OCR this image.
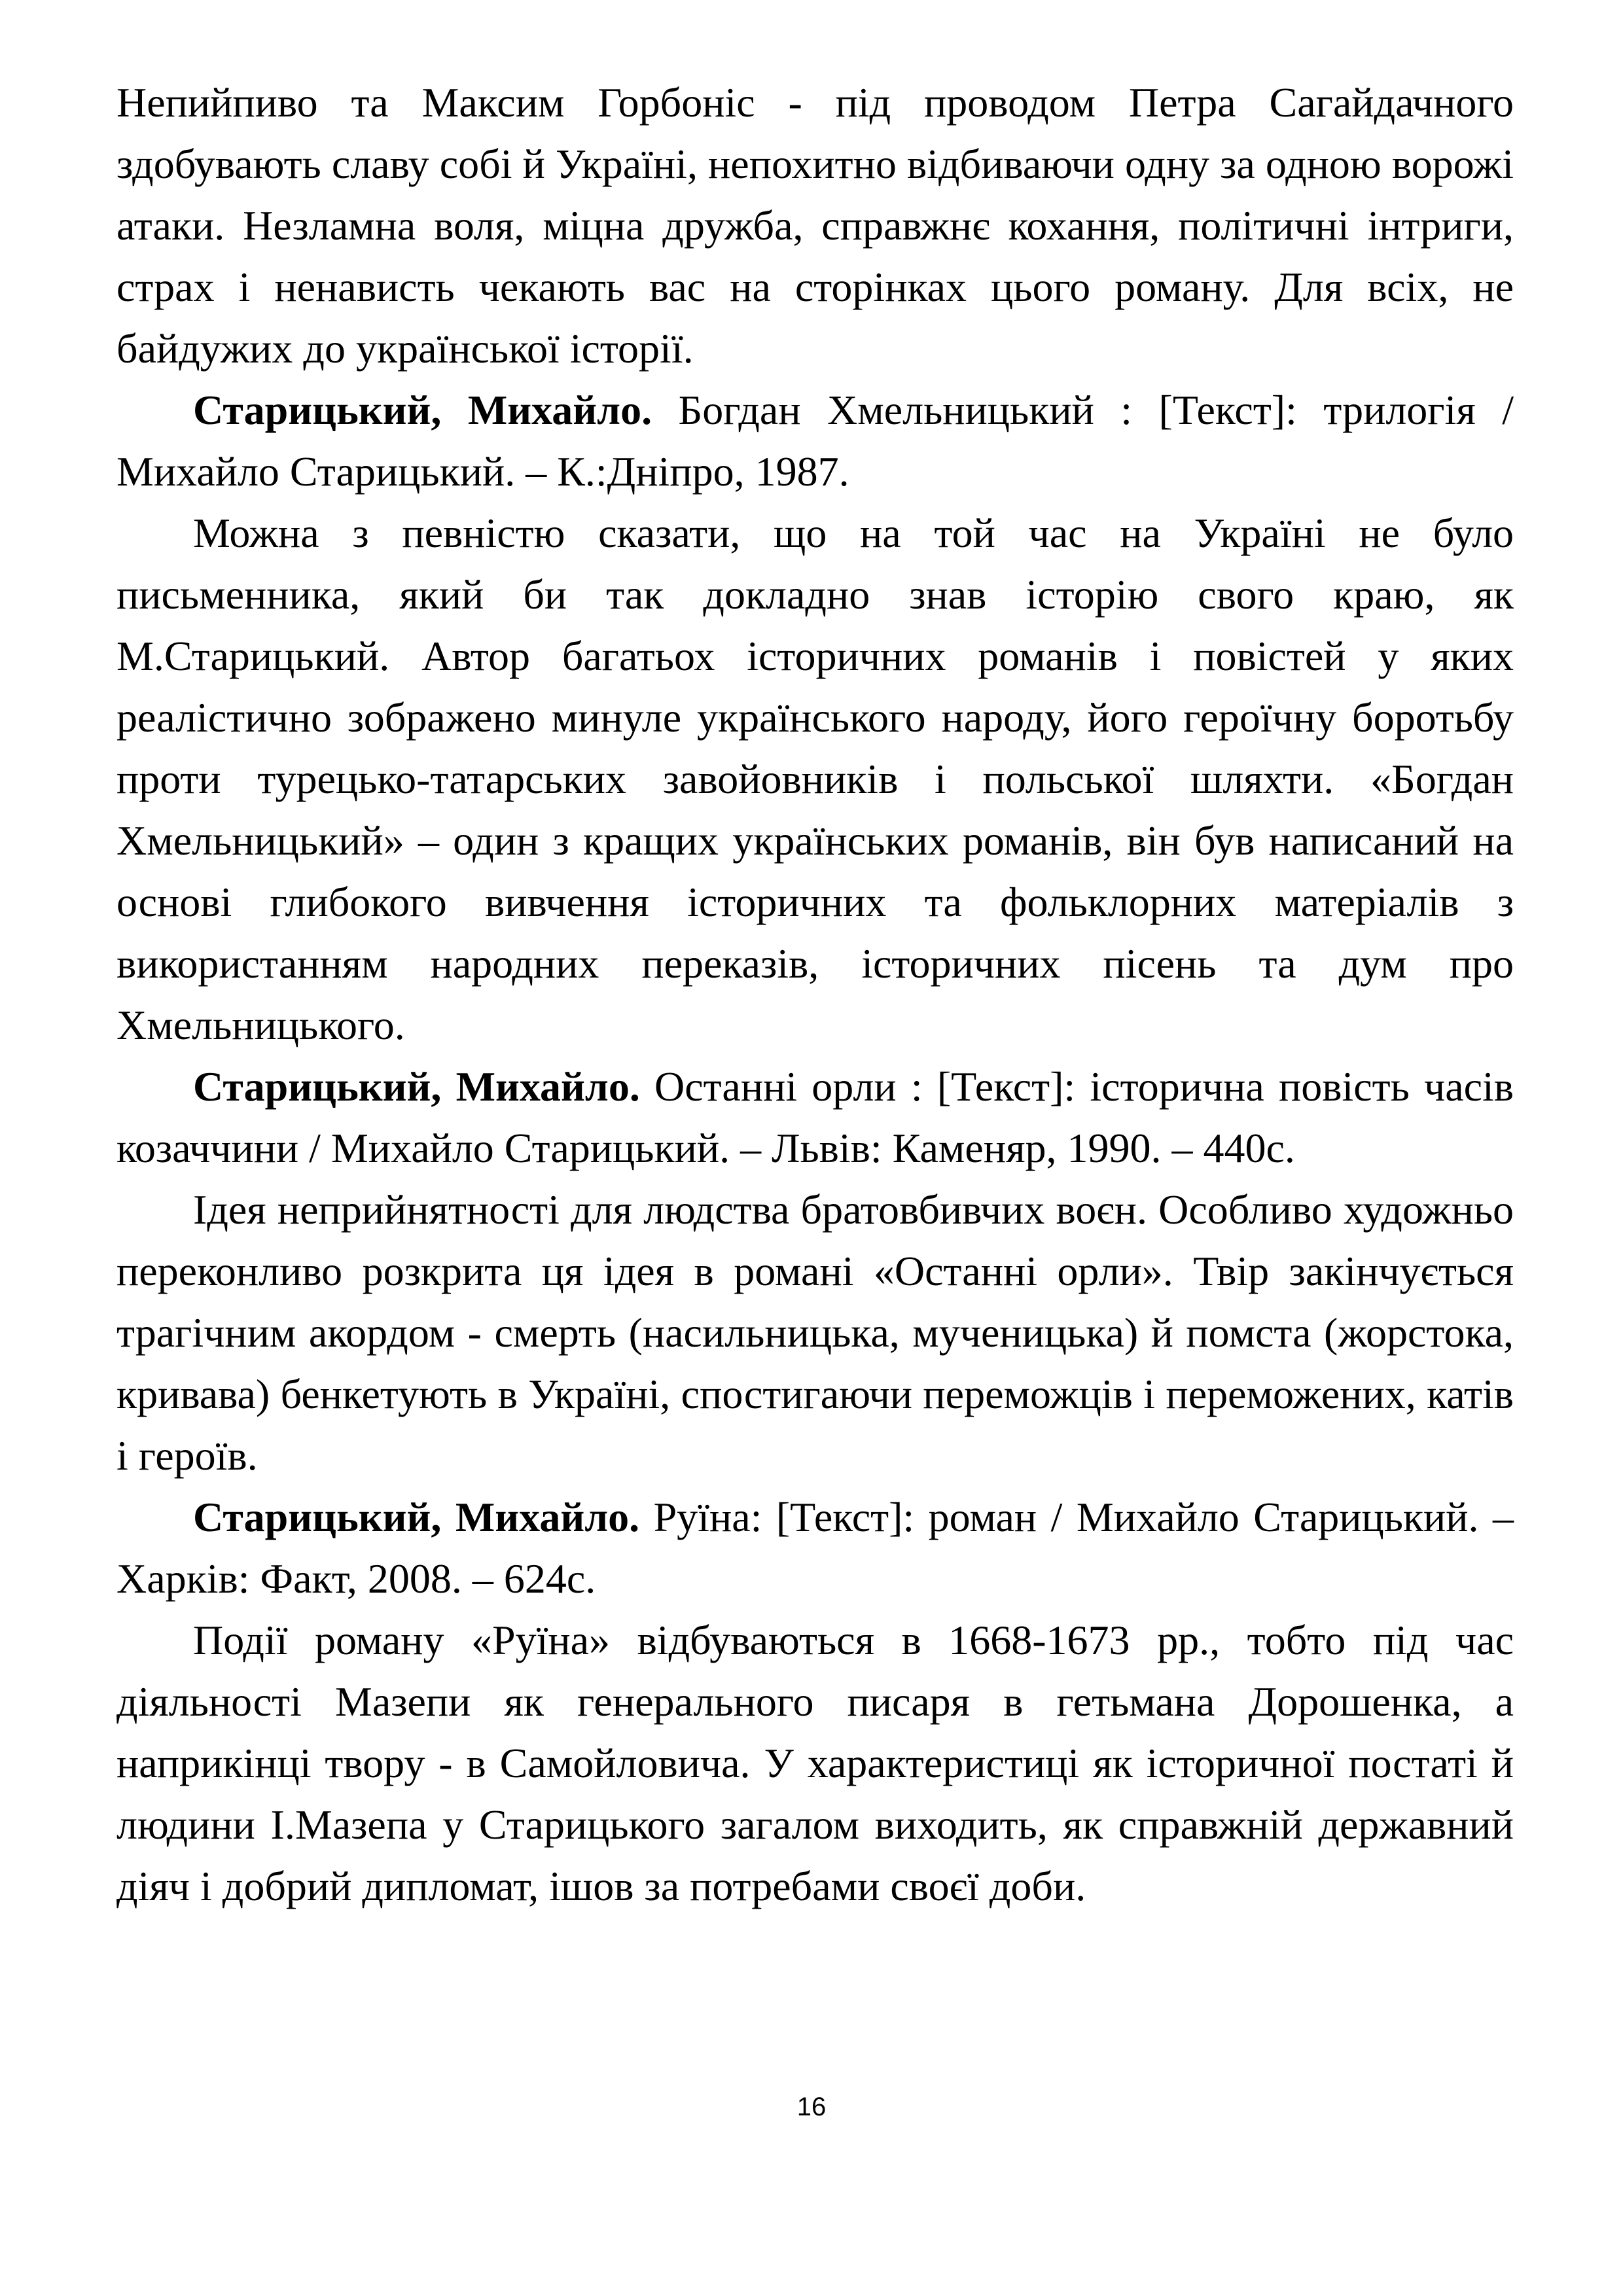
Непийпиво та Максим Горбоніс - під проводом Петра Сагайдачного здобувають славу собі й Україні, непохитно відбиваючи одну за одною ворожі атаки. Незламна воля, міцна дружба, справжнє кохання, політичні інтриги, страх і ненависть чекають вас на сторінках цього роману. Для всіх, не байдужих до української історії.

Старицький, Михайло. Богдан Хмельницький : [Текст]: трилогія / Михайло Старицький. – К.:Дніпро, 1987.

Можна з певністю сказати, що на той час на Україні не було письменника, який би так докладно знав історію свого краю, як М.Старицький. Автор багатьох історичних романів і повістей у яких реалістично зображено минуле українського народу, його героїчну боротьбу проти турецько-татарських завойовників і польської шляхти. «Богдан Хмельницький» – один з кращих українських романів, він був написаний на основі глибокого вивчення історичних та фольклорних матеріалів з використанням народних переказів, історичних пісень та дум про Хмельницького.

Старицький, Михайло. Останні орли : [Текст]: історична повість часів козаччини / Михайло Старицький. – Львів: Каменяр, 1990. – 440с.

Ідея неприйнятності для людства братовбивчих воєн. Особливо художньо переконливо розкрита ця ідея в романі «Останні орли». Твір закінчується трагічним акордом - смерть (насильницька, мученицька) й помста (жорстока, кривава) бенкетують в Україні, спостигаючи переможців і переможених, катів і героїв.

Старицький, Михайло. Руїна: [Текст]: роман / Михайло Старицький. – Харків: Факт, 2008. – 624с.

Події роману «Руїна» відбуваються в 1668-1673 рр., тобто під час діяльності Мазепи як генерального писаря в гетьмана Дорошенка, а наприкінці твору - в Самойловича. У характеристиці як історичної постаті й людини І.Мазепа у Старицького загалом виходить, як справжній державний діяч і добрий дипломат, ішов за потребами своєї доби.

16
